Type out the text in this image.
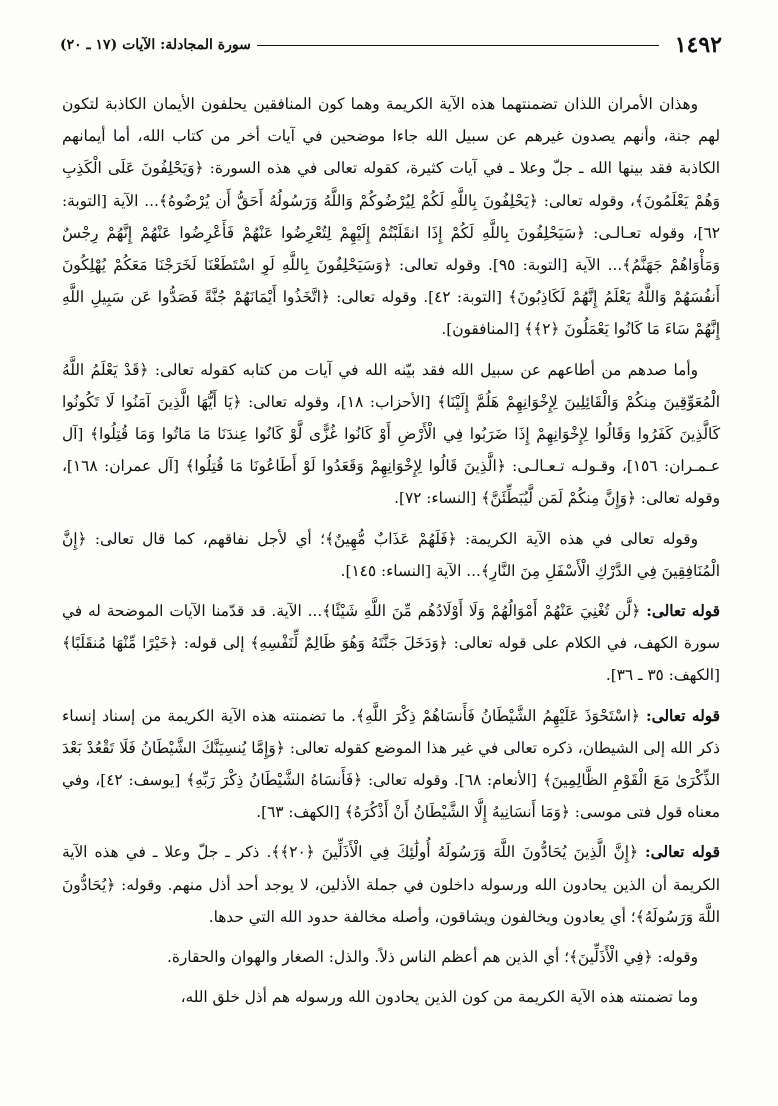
١٤٩٢
سورة المجادلة: الآيات (١٧ ـ ٢٠)

وهذان الأمران اللذان تضمنتهما هذه الآية الكريمة وهما كون المنافقين يحلفون الأيمان الكاذبة لتكون لهم جنة، وأنهم يصدون غيرهم عن سبيل الله جاءا موضحين في آيات أخر من كتاب الله، أما أيمانهم الكاذبة فقد بينها الله ـ جلّ وعلا ـ في آيات كثيرة، كقوله تعالى في هذه السورة: ﴿وَيَحْلِفُونَ عَلَى الْكَذِبِ وَهُمْ يَعْلَمُونَ﴾، وقوله تعالى: ﴿يَحْلِفُونَ بِاللَّهِ لَكُمْ لِيُرْضُوكُمْ وَاللَّهُ وَرَسُولُهُ أَحَقُّ أَن يُرْضُوهُ﴾... الآية [التوبة: ٦٢]، وقوله تعـالـى: ﴿سَيَحْلِفُونَ بِاللَّهِ لَكُمْ إِذَا انقَلَبْتُمْ إِلَيْهِمْ لِتُعْرِضُوا عَنْهُمْ فَأَعْرِضُوا عَنْهُمْ إِنَّهُمْ رِجْسٌ وَمَأْوَاهُمْ جَهَنَّمُ﴾... الآية [التوبة: ٩٥]. وقوله تعالى: ﴿وَسَيَحْلِفُونَ بِاللَّهِ لَوِ اسْتَطَعْنَا لَخَرَجْنَا مَعَكُمْ يُهْلِكُونَ أَنفُسَهُمْ وَاللَّهُ يَعْلَمُ إِنَّهُمْ لَكَاذِبُونَ﴾ [التوبة: ٤٢]. وقوله تعالى: ﴿اتَّخَذُوا أَيْمَانَهُمْ جُنَّةً فَصَدُّوا عَن سَبِيلِ اللَّهِ إِنَّهُمْ سَاءَ مَا كَانُوا يَعْمَلُونَ ﴿٢﴾﴾ [المنافقون].

وأما صدهم من أطاعهم عن سبيل الله فقد بيّنه الله في آيات من كتابه كقوله تعالى: ﴿قَدْ يَعْلَمُ اللَّهُ الْمُعَوِّقِينَ مِنكُمْ وَالْقَائِلِينَ لِإِخْوَانِهِمْ هَلُمَّ إِلَيْنَا﴾ [الأحزاب: ١٨]، وقوله تعالى: ﴿يَا أَيُّهَا الَّذِينَ آمَنُوا لَا تَكُونُوا كَالَّذِينَ كَفَرُوا وَقَالُوا لِإِخْوَانِهِمْ إِذَا ضَرَبُوا فِي الْأَرْضِ أَوْ كَانُوا غُزًّى لَّوْ كَانُوا عِندَنَا مَا مَاتُوا وَمَا قُتِلُوا﴾ [آل عـمـران: ١٥٦]، وقـولـه تـعـالـى: ﴿الَّذِينَ قَالُوا لِإِخْوَانِهِمْ وَقَعَدُوا لَوْ أَطَاعُونَا مَا قُتِلُوا﴾ [آل عمران: ١٦٨]، وقوله تعالى: ﴿وَإِنَّ مِنكُمْ لَمَن لَّيُبَطِّئَنَّ﴾ [النساء: ٧٢].

وقوله تعالى في هذه الآية الكريمة: ﴿فَلَهُمْ عَذَابٌ مُّهِينٌ﴾؛ أي لأجل نفاقهم، كما قال تعالى: ﴿إِنَّ الْمُنَافِقِينَ فِي الدَّرْكِ الْأَسْفَلِ مِنَ النَّارِ﴾... الآية [النساء: ١٤٥].

قوله تعالى: ﴿لَّن تُغْنِيَ عَنْهُمْ أَمْوَالُهُمْ وَلَا أَوْلَادُهُم مِّنَ اللَّهِ شَيْئًا﴾... الآية. قد قدّمنا الآيات الموضحة له في سورة الكهف، في الكلام على قوله تعالى: ﴿وَدَخَلَ جَنَّتَهُ وَهُوَ ظَالِمٌ لِّنَفْسِهِ﴾ إلى قوله: ﴿خَيْرًا مِّنْهَا مُنقَلَبًا﴾ [الكهف: ٣٥ ـ ٣٦].

قوله تعالى: ﴿اسْتَحْوَذَ عَلَيْهِمُ الشَّيْطَانُ فَأَنسَاهُمْ ذِكْرَ اللَّهِ﴾. ما تضمنته هذه الآية الكريمة من إسناد إنساء ذكر الله إلى الشيطان، ذكره تعالى في غير هذا الموضع كقوله تعالى: ﴿وَإِمَّا يُنسِيَنَّكَ الشَّيْطَانُ فَلَا تَقْعُدْ بَعْدَ الذِّكْرَىٰ مَعَ الْقَوْمِ الظَّالِمِينَ﴾ [الأنعام: ٦٨]. وقوله تعالى: ﴿فَأَنسَاهُ الشَّيْطَانُ ذِكْرَ رَبِّهِ﴾ [يوسف: ٤٢]، وفي معناه قول فتى موسى: ﴿وَمَا أَنسَانِيهُ إِلَّا الشَّيْطَانُ أَنْ أَذْكُرَهُ﴾ [الكهف: ٦٣].

قوله تعالى: ﴿إِنَّ الَّذِينَ يُحَادُّونَ اللَّهَ وَرَسُولَهُ أُولَٰئِكَ فِي الْأَذَلِّينَ ﴿٢٠﴾﴾. ذكر ـ جلّ وعلا ـ في هذه الآية الكريمة أن الذين يحادون الله ورسوله داخلون في جملة الأذلين، لا يوجد أحد أذل منهم. وقوله: ﴿يُحَادُّونَ اللَّهَ وَرَسُولَهُ﴾؛ أي يعادون ويخالفون ويشاقون، وأصله مخالفة حدود الله التي حدها.

وقوله: ﴿فِي الْأَذَلِّينَ﴾؛ أي الذين هم أعظم الناس ذلاً. والذل: الصغار والهوان والحقارة.

وما تضمنته هذه الآية الكريمة من كون الذين يحادون الله ورسوله هم أذل خلق الله،
